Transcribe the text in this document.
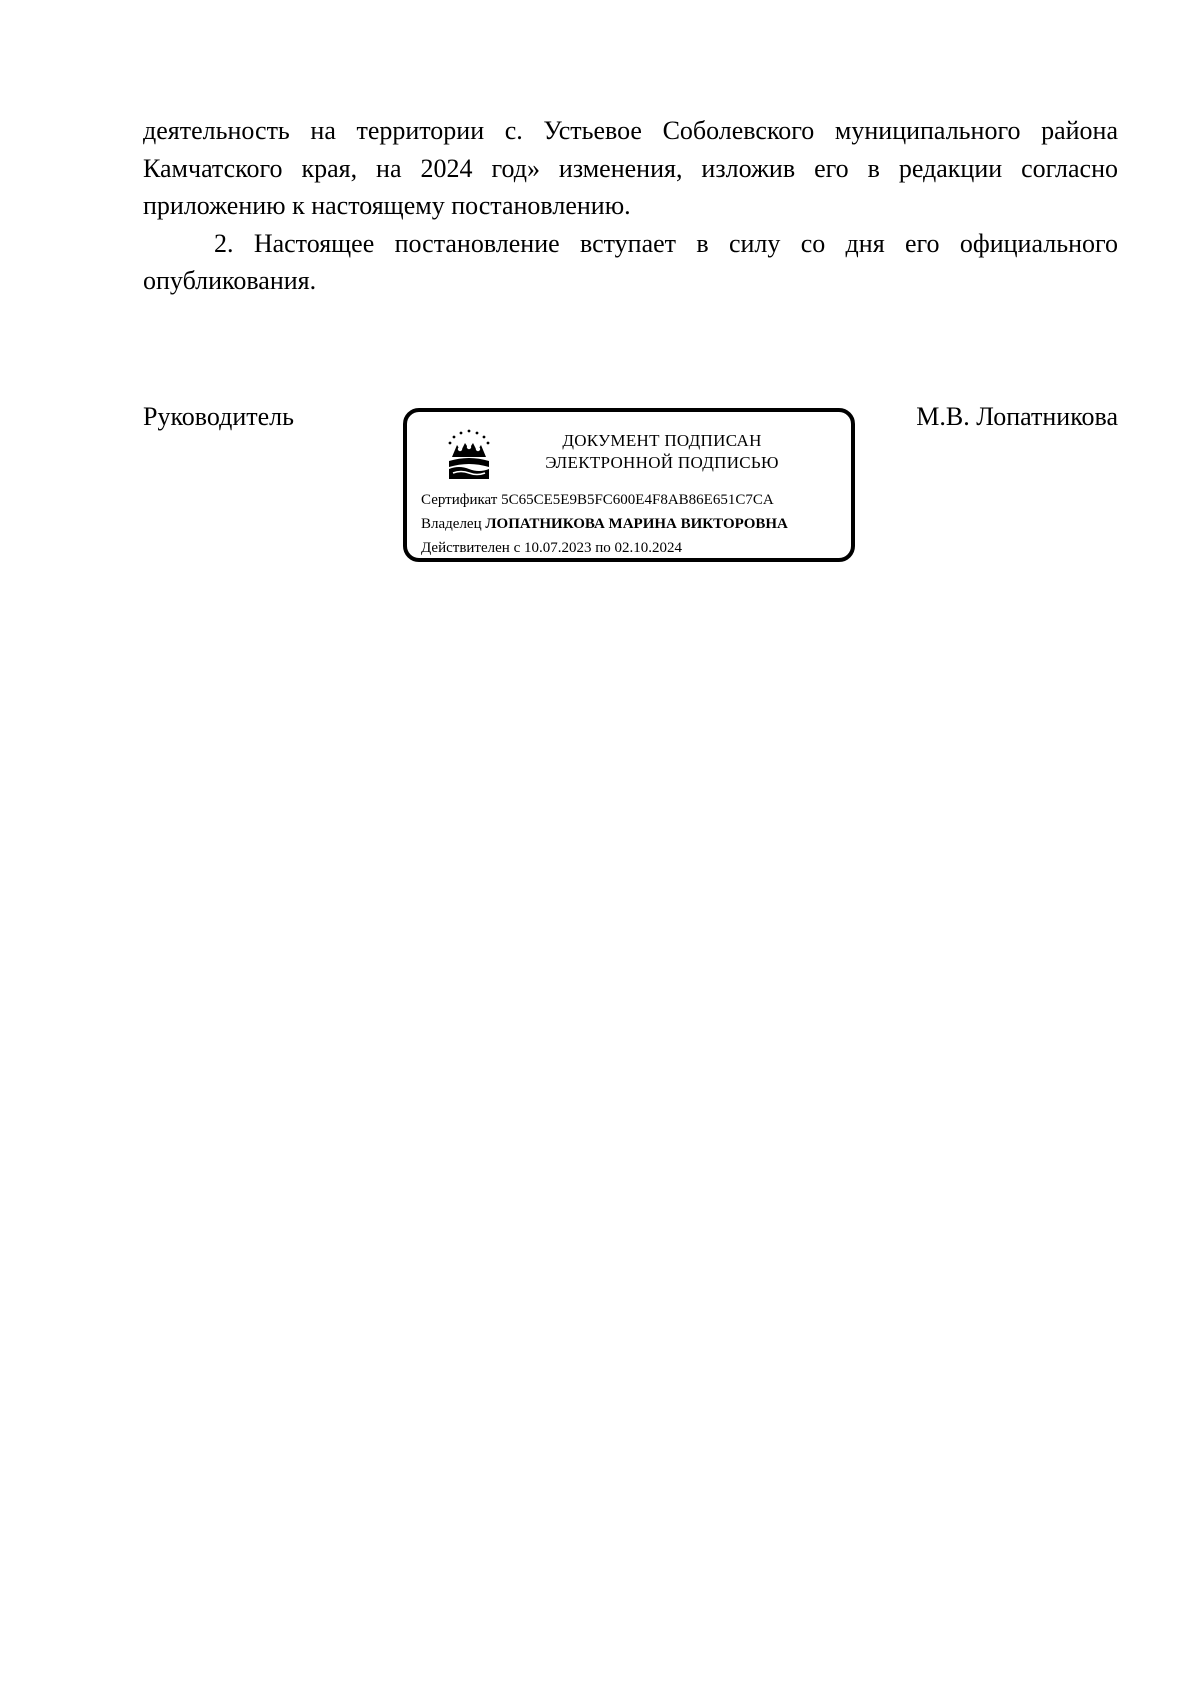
деятельность на территории с. Устьевое Соболевского муниципального района Камчатского края, на 2024 год» изменения, изложив его в редакции согласно приложению к настоящему постановлению.

2. Настоящее постановление вступает в силу со дня его официального опубликования.

Руководитель	М.В. Лопатникова
ДОКУМЕНТ ПОДПИСАН
ЭЛЕКТРОННОЙ ПОДПИСЬЮ
Сертификат 5C65CE5E9B5FC600E4F8AB86E651C7CA
Владелец ЛОПАТНИКОВА МАРИНА ВИКТОРОВНА
Действителен с 10.07.2023 по 02.10.2024
